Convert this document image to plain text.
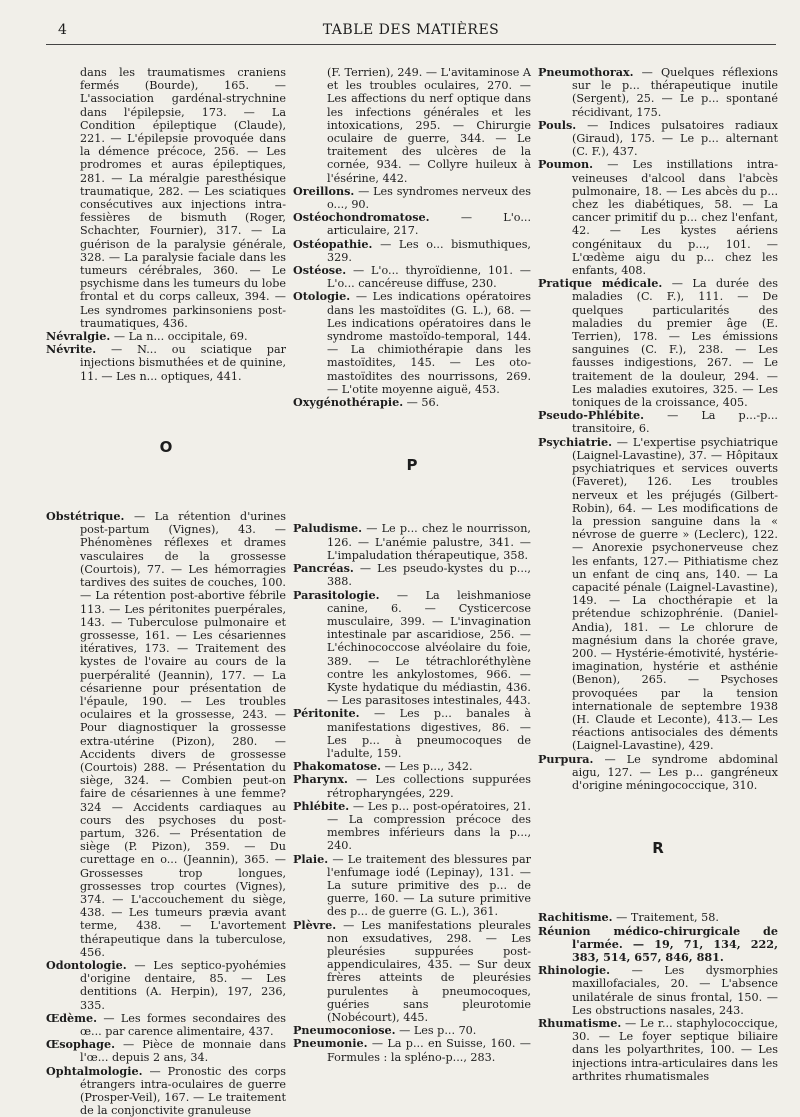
4	TABLE DES MATIÈRES

dans les traumatismes craniens fermés (Bourde), 165. — L'association gardénal-strychnine dans l'épilepsie, 173. — La Condition épileptique (Claude), 221. — L'épilepsie provoquée dans la démence précoce, 256. — Les prodromes et auras épileptiques, 281. — La méralgie paresthésique traumatique, 282. — Les sciatiques consécutives aux injections intra-fessières de bismuth (Roger, Schachter, Fournier), 317. — La guérison de la paralysie générale, 328. — La paralysie faciale dans les tumeurs cérébrales, 360. — Le psychisme dans les tumeurs du lobe frontal et du corps calleux, 394. — Les syndromes parkinsoniens post-traumatiques, 436.

Névralgie. — La n... occipitale, 69.

Névrite. — N... ou sciatique par injections bismuthées et de quinine, 11. — Les n... optiques, 441.

O

Obstétrique. — La rétention d'urines post-partum (Vignes), 43. — Phénomènes réflexes et drames vasculaires de la grossesse (Courtois), 77. — Les hémorragies tardives des suites de couches, 100. — La rétention post-abortive fébrile 113. — Les péritonites puerpérales, 143. — Tuberculose pulmonaire et grossesse, 161. — Les césariennes itératives, 173. — Traitement des kystes de l'ovaire au cours de la puerpéralité (Jeannin), 177. — La césarienne pour présentation de l'épaule, 190. — Les troubles oculaires et la grossesse, 243. — Pour diagnostiquer la grossesse extra-utérine (Pizon), 280. — Accidents divers de grossesse (Courtois) 288. — Présentation du siège, 324. — Combien peut-on faire de césariennes à une femme? 324 — Accidents cardiaques au cours des psychoses du post-partum, 326. — Présentation de siège (P. Pizon), 359. — Du curettage en o... (Jeannin), 365. — Grossesses trop longues, grossesses trop courtes (Vignes), 374. — L'accouchement du siège, 438. — Les tumeurs prævia avant terme, 438. — L'avortement thérapeutique dans la tuberculose, 456.

Odontologie. — Les septico-pyohémies d'origine dentaire, 85. — Les dentitions (A. Herpin), 197, 236, 335.

Œdème. — Les formes secondaires des œ... par carence alimentaire, 437.

Œsophage. — Pièce de monnaie dans l'œ... depuis 2 ans, 34.

Ophtalmologie. — Pronostic des corps étrangers intra-oculaires de guerre (Prosper-Veil), 167. — Le traitement de la conjonctivite granuleuse

(F. Terrien), 249. — L'avitaminose A et les troubles oculaires, 270. — Les affections du nerf optique dans les infections générales et les intoxications, 295. — Chirurgie oculaire de guerre, 344. — Le traitement des ulcères de la cornée, 934. — Collyre huileux à l'ésérine, 442.

Oreillons. — Les syndromes nerveux des o..., 90.

Ostéochondromatose. — L'o... articulaire, 217.

Ostéopathie. — Les o... bismuthiques, 329.

Ostéose. — L'o... thyroïdienne, 101. — L'o... cancéreuse diffuse, 230.

Otologie. — Les indications opératoires dans les mastoïdites (G. L.), 68. — Les indications opératoires dans le syndrome mastoïdo-temporal, 144. — La chimiothérapie dans les mastoïdites, 145. — Les oto-mastoïdites des nourrissons, 269. — L'otite moyenne aiguë, 453.

Oxygénothérapie. — 56.

P

Paludisme. — Le p... chez le nourrisson, 126. — L'anémie palustre, 341. — L'impaludation thérapeutique, 358.

Pancréas. — Les pseudo-kystes du p..., 388.

Parasitologie. — La leishmaniose canine, 6. — Cysticercose musculaire, 399. — L'invagination intestinale par ascaridiose, 256. — L'échinococcose alvéolaire du foie, 389. — Le tétrachloréthylène contre les ankylostomes, 966. — Kyste hydatique du médiastin, 436. — Les parasitoses intestinales, 443.

Péritonite. — Les p... banales à manifestations digestives, 86. — Les p... à pneumocoques de l'adulte, 159.

Phakomatose. — Les p..., 342.

Pharynx. — Les collections suppurées rétropharyngées, 229.

Phlébite. — Les p... post-opératoires, 21. — La compression précoce des membres inférieurs dans la p..., 240.

Plaie. — Le traitement des blessures par l'enfumage iodé (Lepinay), 131. — La suture primitive des p... de guerre, 160. — La suture primitive des p... de guerre (G. L.), 361.

Plèvre. — Les manifestations pleurales non exsudatives, 298. — Les pleurésies suppurées post-appendiculaires, 435. — Sur deux frères atteints de pleurésies purulentes à pneumocoques, guéries sans pleurotomie (Nobécourt), 445.

Pneumoconiose. — Les p... 70.

Pneumonie. — La p... en Suisse, 160. — Formules : la spléno-p..., 283.

Pneumothorax. — Quelques réflexions sur le p... thérapeutique inutile (Sergent), 25. — Le p... spontané récidivant, 175.

Pouls. — Indices pulsatoires radiaux (Giraud), 175. — Le p... alternant (C. F.), 437.

Poumon. — Les instillations intra-veineuses d'alcool dans l'abcès pulmonaire, 18. — Les abcès du p... chez les diabétiques, 58. — La cancer primitif du p... chez l'enfant, 42. — Les kystes aériens congénitaux du p..., 101. — L'œdème aigu du p... chez les enfants, 408.

Pratique médicale. — La durée des maladies (C. F.), 111. — De quelques particularités des maladies du premier âge (E. Terrien), 178. — Les émissions sanguines (C. F.), 238. — Les fausses indigestions, 267. — Le traitement de la douleur, 294. — Les maladies exutoires, 325. — Les toniques de la croissance, 405.

Pseudo-Phlébite. — La p...-p... transitoire, 6.

Psychiatrie. — L'expertise psychiatrique (Laignel-Lavastine), 37. — Hôpitaux psychiatriques et services ouverts (Faveret), 126. Les troubles nerveux et les préjugés (Gilbert-Robin), 64. — Les modifications de la pression sanguine dans la « névrose de guerre » (Leclerc), 122. — Anorexie psychonerveuse chez les enfants, 127.— Pithiatisme chez un enfant de cinq ans, 140. — La capacité pénale (Laignel-Lavastine), 149. — La chocthérapie et la prétendue schizophrénie. (Daniel-Andia), 181. — Le chlorure de magnésium dans la chorée grave, 200. — Hystérie-émotivité, hystérie-imagination, hystérie et asthénie (Benon), 265. — Psychoses provoquées par la tension internationale de septembre 1938 (H. Claude et Leconte), 413.— Les réactions antisociales des déments (Laignel-Lavastine), 429.

Purpura. — Le syndrome abdominal aigu, 127. — Les p... gangréneux d'origine méningococcique, 310.

R

Rachitisme. — Traitement, 58.

Réunion médico-chirurgicale de l'armée. — 19, 71, 134, 222, 383, 514, 657, 846, 881.

Rhinologie. — Les dysmorphies maxillofaciales, 20. — L'absence unilatérale de sinus frontal, 150. — Les obstructions nasales, 243.

Rhumatisme. — Le r... staphylococcique, 30. — Le foyer septique biliaire dans les polyarthrites, 100. — Les injections intra-articulaires dans les arthrites rhumatismales
